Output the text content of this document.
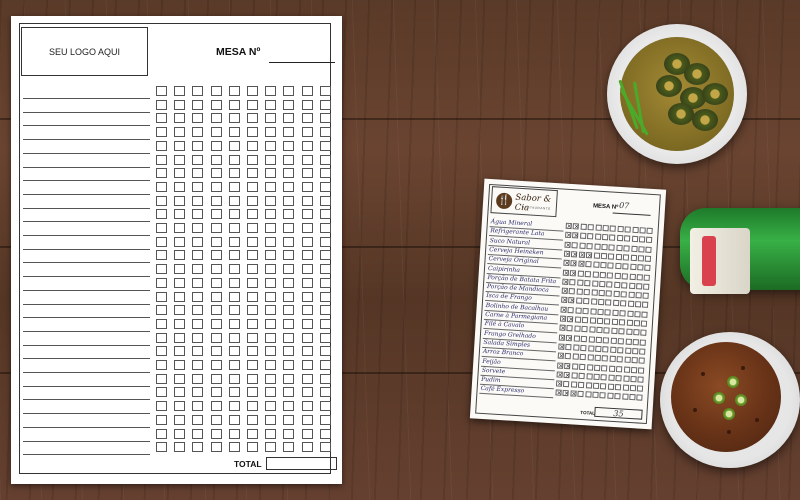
SEU LOGO AQUI	MESA Nº
TOTAL
🍴 Sabor & Cia
RESTAURANTE	MESA Nº 07
Água Mineral
Refrigerante Lata
Suco Natural
Cerveja Heineken
Cerveja Original
Caipirinha
Porção de Batata Frita
Porção de Mandioca
Isca de Frango
Bolinho de Bacalhau
Carne à Parmegiana
Filé à Cavalo
Frango Grelhado
Salada Simples
Arroz Branco
Feijão
Sorvete
Pudim
Café Expresso
× ×
× ×
×
× × × ×
× × ×
× ×
×
×
× ×
×
× ×
×
× ×
×
×
× ×
× ×
×
× × ×
TOTAL 35
